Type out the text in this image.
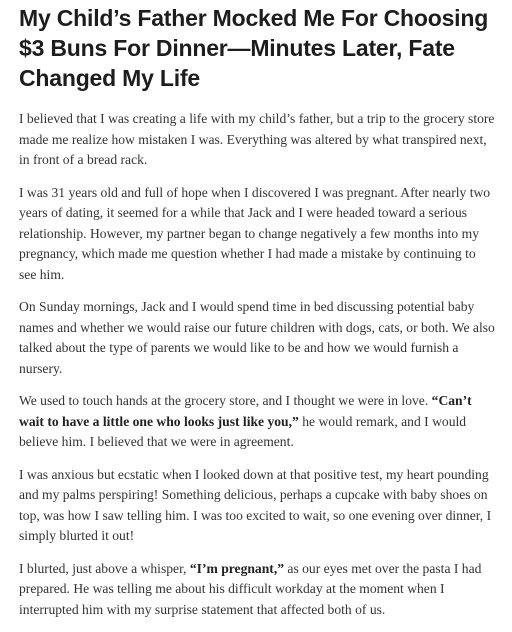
My Child’s Father Mocked Me For Choosing $3 Buns For Dinner—Minutes Later, Fate Changed My Life

I believed that I was creating a life with my child’s father, but a trip to the grocery store made me realize how mistaken I was. Everything was altered by what transpired next, in front of a bread rack.

I was 31 years old and full of hope when I discovered I was pregnant. After nearly two years of dating, it seemed for a while that Jack and I were headed toward a serious relationship. However, my partner began to change negatively a few months into my pregnancy, which made me question whether I had made a mistake by continuing to see him.

On Sunday mornings, Jack and I would spend time in bed discussing potential baby names and whether we would raise our future children with dogs, cats, or both. We also talked about the type of parents we would like to be and how we would furnish a nursery.

We used to touch hands at the grocery store, and I thought we were in love. “Can’t wait to have a little one who looks just like you,” he would remark, and I would believe him. I believed that we were in agreement.

I was anxious but ecstatic when I looked down at that positive test, my heart pounding and my palms perspiring! Something delicious, perhaps a cupcake with baby shoes on top, was how I saw telling him. I was too excited to wait, so one evening over dinner, I simply blurted it out!

I blurted, just above a whisper, “I’m pregnant,” as our eyes met over the pasta I had prepared. He was telling me about his difficult workday at the moment when I interrupted him with my surprise statement that affected both of us.
